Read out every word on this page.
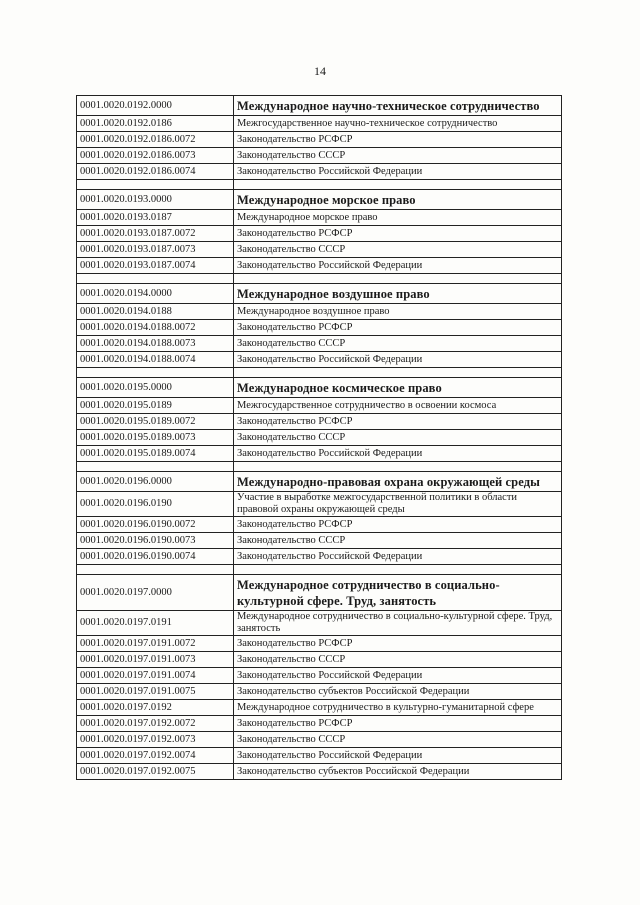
14
0001.0020.0192.0000	Международное научно-техническое сотрудничество
0001.0020.0192.0186	Межгосударственное научно-техническое сотрудничество
0001.0020.0192.0186.0072	Законодательство РСФСР
0001.0020.0192.0186.0073	Законодательство СССР
0001.0020.0192.0186.0074	Законодательство Российской Федерации

0001.0020.0193.0000	Международное морское право
0001.0020.0193.0187	Международное морское право
0001.0020.0193.0187.0072	Законодательство РСФСР
0001.0020.0193.0187.0073	Законодательство СССР
0001.0020.0193.0187.0074	Законодательство Российской Федерации

0001.0020.0194.0000	Международное воздушное право
0001.0020.0194.0188	Международное воздушное право
0001.0020.0194.0188.0072	Законодательство РСФСР
0001.0020.0194.0188.0073	Законодательство СССР
0001.0020.0194.0188.0074	Законодательство Российской Федерации

0001.0020.0195.0000	Международное космическое право
0001.0020.0195.0189	Межгосударственное сотрудничество в освоении космоса
0001.0020.0195.0189.0072	Законодательство РСФСР
0001.0020.0195.0189.0073	Законодательство СССР
0001.0020.0195.0189.0074	Законодательство Российской Федерации

0001.0020.0196.0000	Международно-правовая охрана окружающей среды
0001.0020.0196.0190	Участие в выработке межгосударственной политики в области правовой охраны окружающей среды
0001.0020.0196.0190.0072	Законодательство РСФСР
0001.0020.0196.0190.0073	Законодательство СССР
0001.0020.0196.0190.0074	Законодательство Российской Федерации

0001.0020.0197.0000	Международное сотрудничество в социально-культурной сфере. Труд, занятость
0001.0020.0197.0191	Международное сотрудничество в социально-культурной сфере. Труд, занятость
0001.0020.0197.0191.0072	Законодательство РСФСР
0001.0020.0197.0191.0073	Законодательство СССР
0001.0020.0197.0191.0074	Законодательство Российской Федерации
0001.0020.0197.0191.0075	Законодательство субъектов Российской Федерации
0001.0020.0197.0192	Международное сотрудничество в культурно-гуманитарной сфере
0001.0020.0197.0192.0072	Законодательство РСФСР
0001.0020.0197.0192.0073	Законодательство СССР
0001.0020.0197.0192.0074	Законодательство Российской Федерации
0001.0020.0197.0192.0075	Законодательство субъектов Российской Федерации
